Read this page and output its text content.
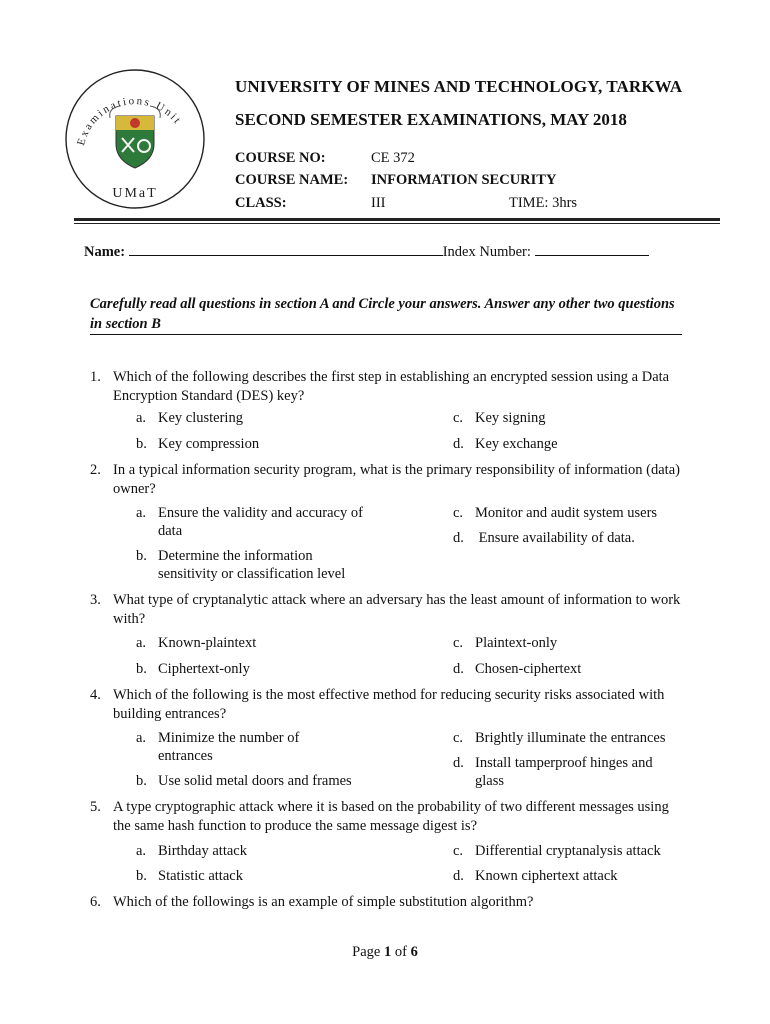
Examinations Unit
UMaT
UNIVERSITY OF MINES AND TECHNOLOGY, TARKWA
SECOND SEMESTER EXAMINATIONS, MAY 2018
COURSE NO:	CE 372
COURSE NAME: INFORMATION SECURITY
CLASS:	III	TIME: 3hrs
Name:	Index Number:
Carefully read all questions in section A and Circle your answers. Answer any other two questions in section B
1. Which of the following describes the first step in establishing an encrypted session using a Data Encryption Standard (DES) key?
a. Key clustering
b. Key compression
c. Key signing
d. Key exchange
2. In a typical information security program, what is the primary responsibility of information (data) owner?
a. Ensure the validity and accuracy of data
b. Determine the information sensitivity or classification level
c. Monitor and audit system users
d. Ensure availability of data.
3. What type of cryptanalytic attack where an adversary has the least amount of information to work with?
a. Known-plaintext
b. Ciphertext-only
c. Plaintext-only
d. Chosen-ciphertext
4. Which of the following is the most effective method for reducing security risks associated with building entrances?
a. Minimize the number of entrances
b. Use solid metal doors and frames
c. Brightly illuminate the entrances
d. Install tamperproof hinges and glass
5. A type cryptographic attack where it is based on the probability of two different messages using the same hash function to produce the same message digest is?
a. Birthday attack
b. Statistic attack
c. Differential cryptanalysis attack
d. Known ciphertext attack
6. Which of the followings is an example of simple substitution algorithm?
Page 1 of 6
